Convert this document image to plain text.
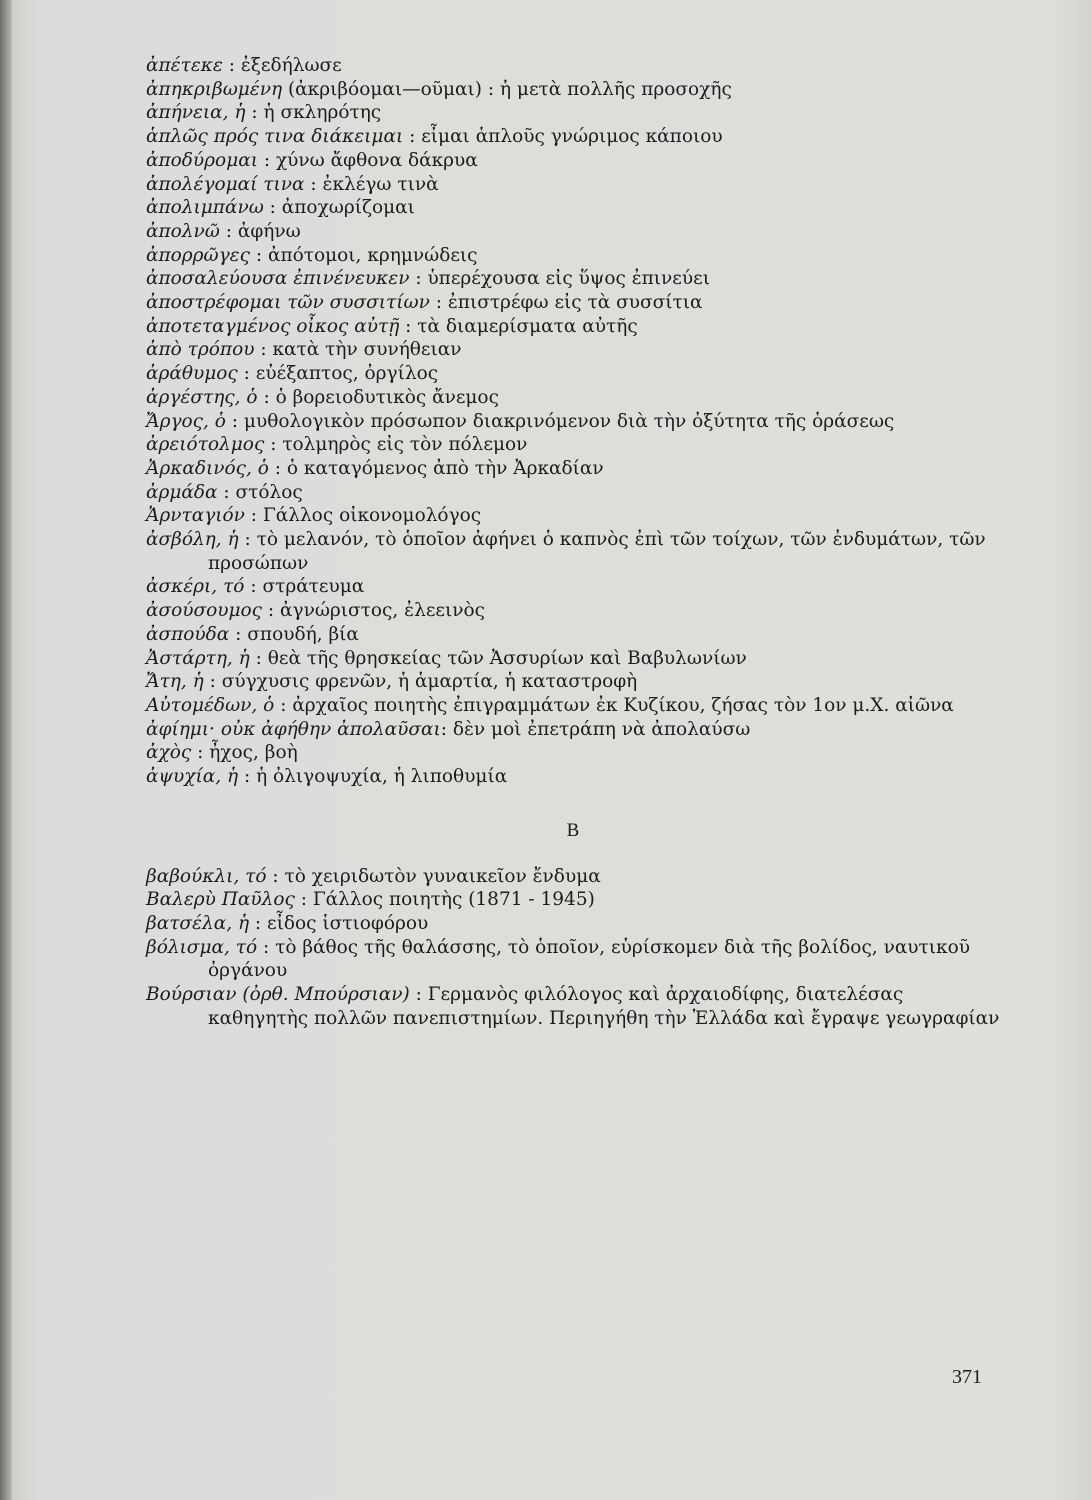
ἀπέτεκε : ἐξεδήλωσε

ἀπηκριβωμένη (ἀκριβόομαι—οῦμαι) : ἡ μετὰ πολλῆς προσοχῆς

ἀπήνεια, ἡ : ἡ σκληρότης

ἁπλῶς πρός τινα διάκειμαι : εἶμαι ἁπλοῦς γνώριμος κάποιου

ἀποδύρομαι : χύνω ἄφθονα δάκρυα

ἀπολέγομαί τινα : ἐκλέγω τινὰ

ἀπολιμπάνω : ἀποχωρίζομαι

ἀπολνῶ : ἀφήνω

ἀπορρῶγες : ἀπότομοι, κρημνώδεις

ἀποσαλεύουσα ἐπινένευκεν : ὑπερέχουσα εἰς ὕψος ἐπινεύει

ἀποστρέφομαι τῶν συσσιτίων : ἐπιστρέφω εἰς τὰ συσσίτια

ἀποτεταγμένος οἶκος αὐτῇ : τὰ διαμερίσματα αὐτῆς

ἀπὸ τρόπου : κατὰ τὴν συνήθειαν

ἀράθυμος : εὐέξαπτος, ὀργίλος

ἀργέστης, ὁ : ὁ βορειοδυτικὸς ἄνεμος

Ἄργος, ὁ : μυθολογικὸν πρόσωπον διακρινόμενον διὰ τὴν ὀξύτητα τῆς ὁράσεως

ἀρειότολμος : τολμηρὸς εἰς τὸν πόλεμον

Ἀρκαδινός, ὁ : ὁ καταγόμενος ἀπὸ τὴν Ἀρκαδίαν

ἀρμάδα : στόλος

Ἀρνταγιόν : Γάλλος οἰκονομολόγος

ἀσβόλη, ἡ : τὸ μελανόν, τὸ ὁποῖον ἀφήνει ὁ καπνὸς ἐπὶ τῶν τοίχων, τῶν ἐνδυμάτων, τῶν προσώπων

ἀσκέρι, τό : στράτευμα

ἀσούσουμος : ἀγνώριστος, ἐλεεινὸς

ἀσπούδα : σπουδή, βία

Ἀστάρτη, ἡ : θεὰ τῆς θρησκείας τῶν Ἀσσυρίων καὶ Βαβυλωνίων

Ἄτη, ἡ : σύγχυσις φρενῶν, ἡ ἁμαρτία, ἡ καταστροφὴ

Αὐτομέδων, ὁ : ἀρχαῖος ποιητὴς ἐπιγραμμάτων ἐκ Κυζίκου, ζήσας τὸν 1ον μ.Χ. αἰῶνα

ἀφίημι· οὐκ ἀφήθην ἀπολαῦσαι: δὲν μοὶ ἐπετράπη νὰ ἀπολαύσω

ἀχὸς : ἦχος, βοὴ

ἀψυχία, ἡ : ἡ ὀλιγοψυχία, ἡ λιποθυμία

Β

βαβούκλι, τό : τὸ χειριδωτὸν γυναικεῖον ἔνδυμα

Βαλερὺ Παῦλος : Γάλλος ποιητὴς (1871 - 1945)

βατσέλα, ἡ : εἶδος ἱστιοφόρου

βόλισμα, τό : τὸ βάθος τῆς θαλάσσης, τὸ ὁποῖον, εὑρίσκομεν διὰ τῆς βολίδος, ναυτικοῦ ὀργάνου

Βούρσιαν (ὀρθ. Μπούρσιαν) : Γερμανὸς φιλόλογος καὶ ἀρχαιοδίφης, διατελέσας καθηγητὴς πολλῶν πανεπιστημίων. Περιηγήθη τὴν Ἑλλάδα καὶ ἔγραψε γεωγραφίαν

371
